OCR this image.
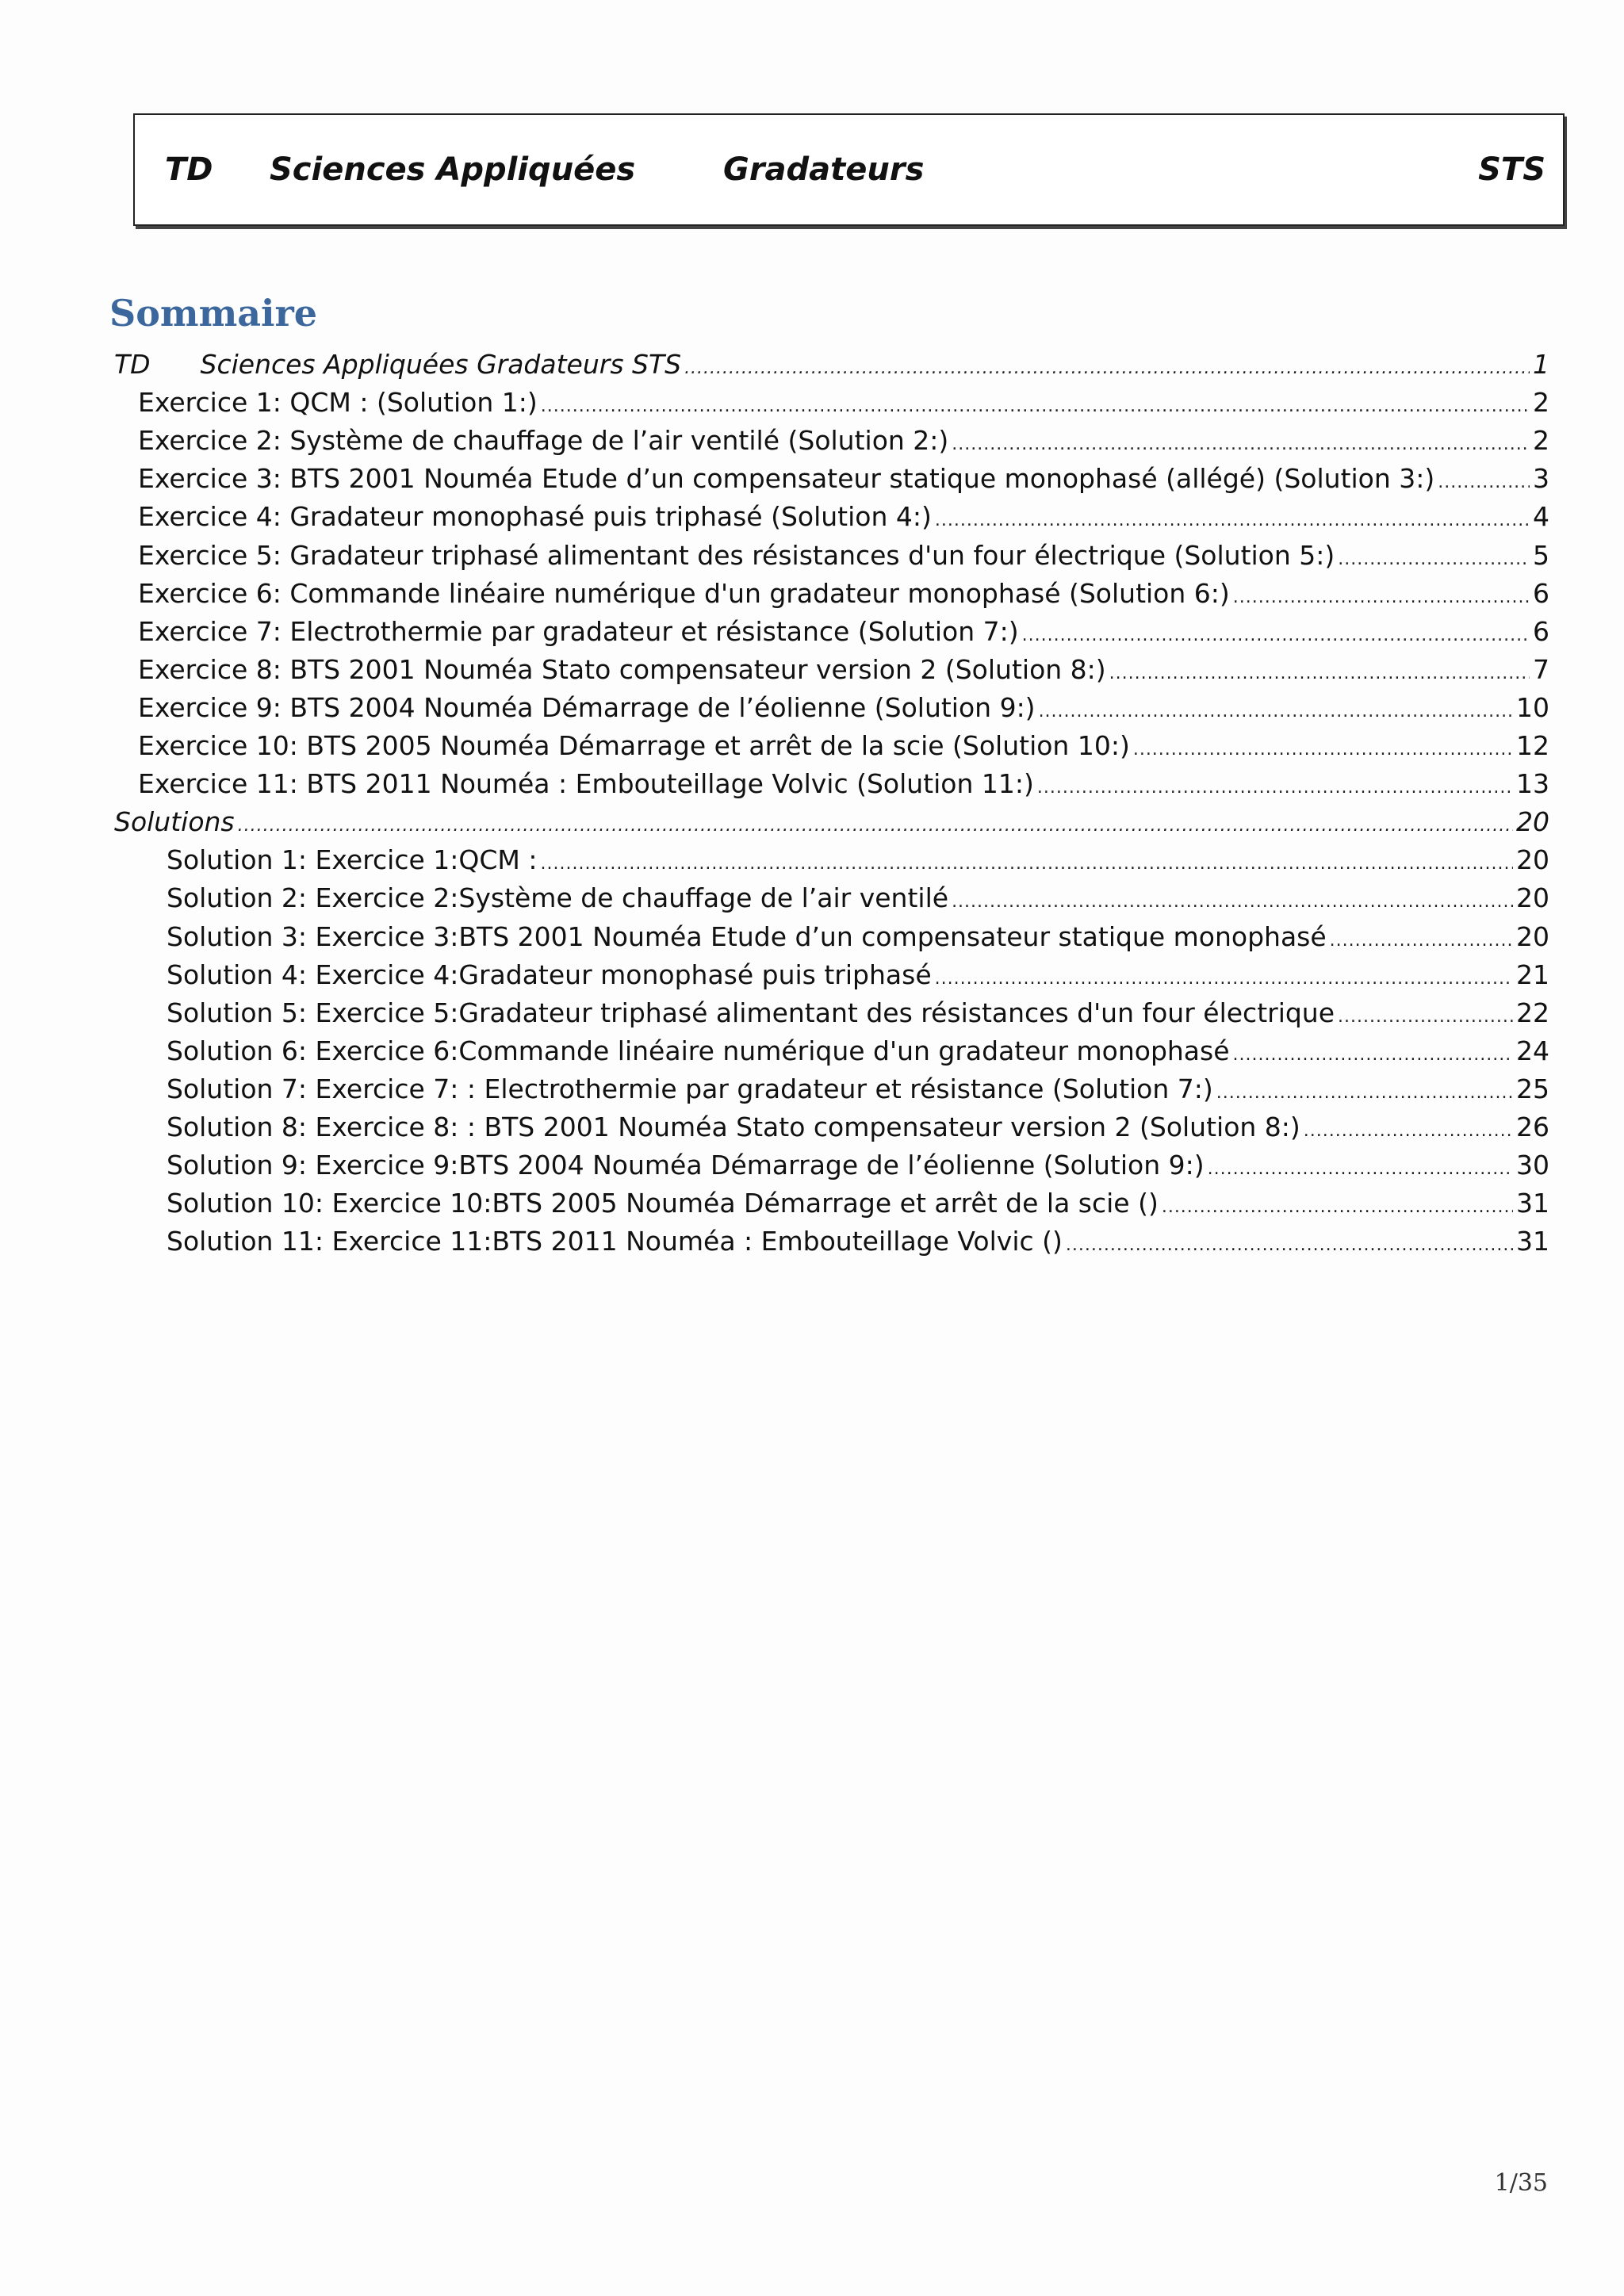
TD Sciences Appliquées	Gradateurs	STS
Sommaire
TD      Sciences Appliquées Gradateurs STS .....	1
Exercice 1: QCM : (Solution 1:) .....	2
Exercice 2: Système de chauffage de l’air ventilé (Solution 2:) .....	2
Exercice 3: BTS 2001 Nouméa Etude d’un compensateur statique monophasé (allégé) (Solution 3:) .....	3
Exercice 4: Gradateur monophasé puis triphasé (Solution 4:) .....	4
Exercice 5: Gradateur triphasé alimentant des résistances d'un four électrique (Solution 5:) .....	5
Exercice 6: Commande linéaire numérique d'un gradateur monophasé (Solution 6:) .....	6
Exercice 7: Electrothermie par gradateur et résistance (Solution 7:) .....	6
Exercice 8: BTS 2001 Nouméa Stato compensateur version 2 (Solution 8:) .....	7
Exercice 9: BTS 2004 Nouméa Démarrage de l’éolienne (Solution 9:) .....	10
Exercice 10: BTS 2005 Nouméa Démarrage et arrêt de la scie (Solution 10:) .....	12
Exercice 11: BTS 2011 Nouméa : Embouteillage Volvic (Solution 11:) .....	13
Solutions .....	20
Solution 1: Exercice 1:QCM : .....	20
Solution 2: Exercice 2:Système de chauffage de l’air ventilé .....	20
Solution 3: Exercice 3:BTS 2001 Nouméa Etude d’un compensateur statique monophasé .....	20
Solution 4: Exercice 4:Gradateur monophasé puis triphasé .....	21
Solution 5: Exercice 5:Gradateur triphasé alimentant des résistances d'un four électrique .....	22
Solution 6: Exercice 6:Commande linéaire numérique d'un gradateur monophasé .....	24
Solution 7: Exercice 7: : Electrothermie par gradateur et résistance (Solution 7:) .....	25
Solution 8: Exercice 8: : BTS 2001 Nouméa Stato compensateur version 2 (Solution 8:) .....	26
Solution 9: Exercice 9:BTS 2004 Nouméa Démarrage de l’éolienne (Solution 9:) .....	30
Solution 10: Exercice 10:BTS 2005 Nouméa Démarrage et arrêt de la scie () .....	31
Solution 11: Exercice 11:BTS 2011 Nouméa : Embouteillage Volvic () .....	31
1/35
